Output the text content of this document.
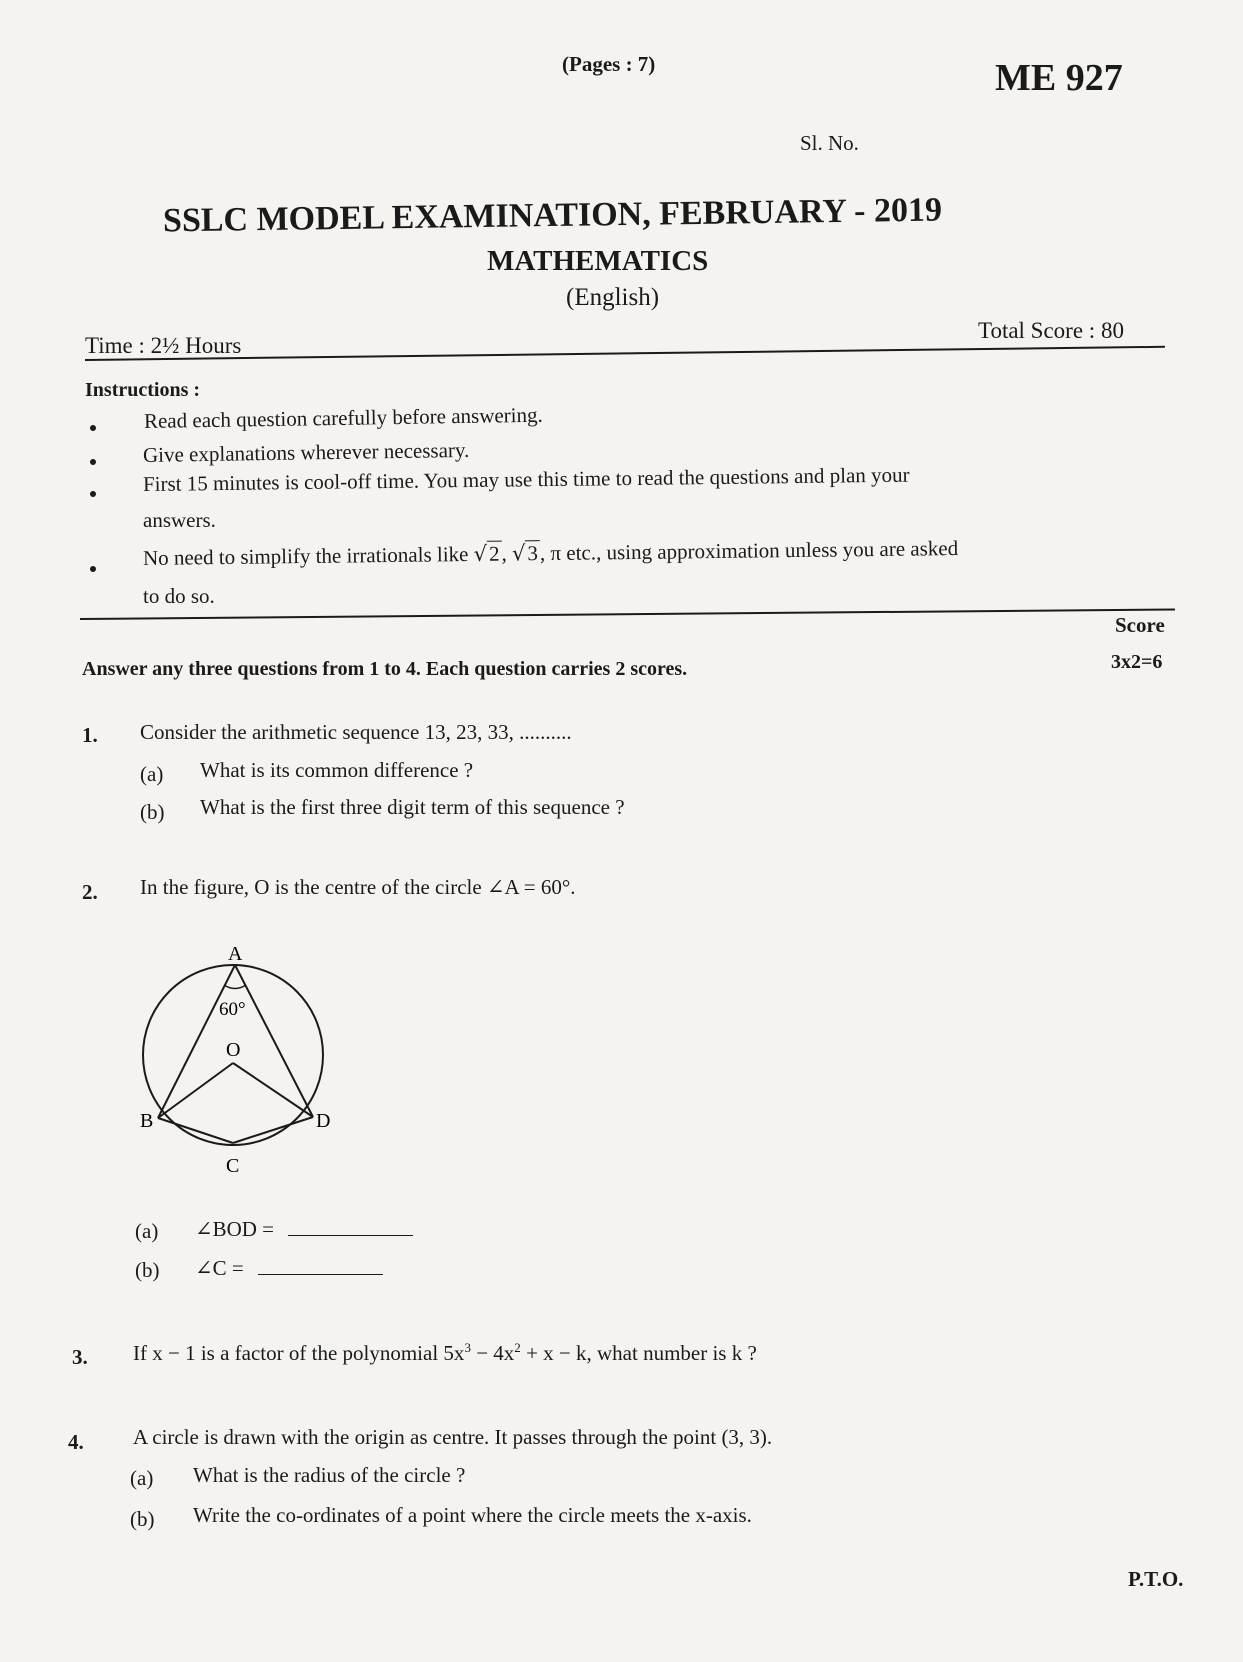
(Pages : 7)	ME 927
Sl. No.
SSLC MODEL EXAMINATION, FEBRUARY - 2019
MATHEMATICS
(English)
Time : 2½ Hours
Total Score : 80
Instructions :
Read each question carefully before answering.
Give explanations wherever necessary.
First 15 minutes is cool-off time. You may use this time to read the questions and plan your
answers.
No need to simplify the irrationals like √2, √3, π etc., using approximation unless you are asked
to do so.
Score
Answer any three questions from 1 to 4. Each question carries 2 scores.	3x2=6
1. Consider the arithmetic sequence 13, 23, 33, ..........
(a) What is its common difference ?
(b) What is the first three digit term of this sequence ?
2. In the figure, O is the centre of the circle ∠A = 60°.
A
60°
O
B	D
C
(a) ∠BOD =
(b) ∠C =
3. If x − 1 is a factor of the polynomial $5x^3 - 4x^2 + x - k$, what number is k ?
4. A circle is drawn with the origin as centre. It passes through the point (3, 3).
(a) What is the radius of the circle ?
(b) Write the co-ordinates of a point where the circle meets the x-axis.
P.T.O.
